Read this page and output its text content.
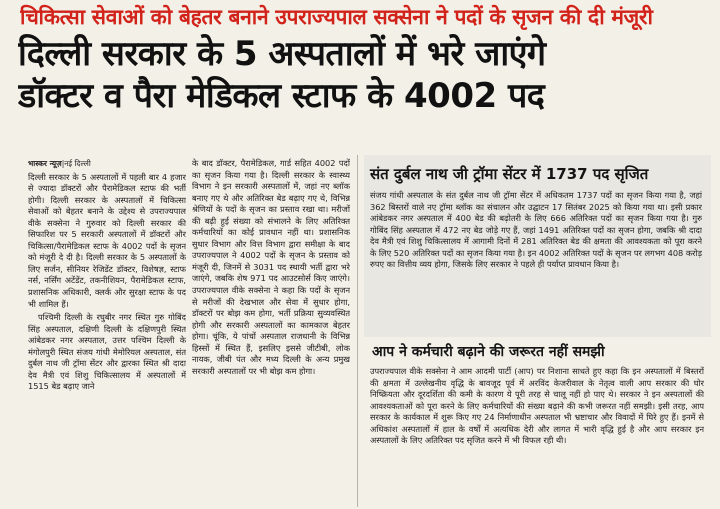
चिकित्सा सेवाओं को बेहतर बनाने उपराज्यपाल सक्सेना ने पदों के सृजन की दी मंजूरी
दिल्ली सरकार के 5 अस्पतालों में भरे जाएंगे
डॉक्टर व पैरा मेडिकल स्टाफ के 4002 पद
भास्कर न्यूज़|नई दिल्ली

दिल्ली सरकार के 5 अस्पतालों में पहली बार 4 हजार से ज्यादा डॉक्टरों और पैरामेडिकल स्टाफ की भर्ती होगी। दिल्ली सरकार के अस्पतालों में चिकित्सा सेवाओं को बेहतर बनाने के उद्देश्य से उपराज्यपाल वीके सक्सेना ने गुरुवार को दिल्ली सरकार की सिफारिश पर 5 सरकारी अस्पतालों में डॉक्टरों और चिकित्सा/पैरामेडिकल स्टाफ के 4002 पदों के सृजन को मंजूरी दे दी है। दिल्ली सरकार के 5 अस्पतालों के लिए सर्जन, सीनियर रेजिडेंट डॉक्टर, विशेषज्ञ, स्टाफ नर्स, नर्सिंग अटेंडेंट, तकनीशियन, पैरामेडिकल स्टाफ, प्रशासनिक अधिकारी, क्लर्क और सुरक्षा स्टाफ के पद भी शामिल हैं।

पश्चिमी दिल्ली के रघुबीर नगर स्थित गुरु गोबिंद सिंह अस्पताल, दक्षिणी दिल्ली के दक्षिणपुरी स्थित आंबेडकर नगर अस्पताल, उत्तर पश्चिम दिल्ली के मंगोलपुरी स्थित संजय गांधी मेमोरियल अस्पताल, संत दुर्बल नाथ जी ट्रॉमा सेंटर और द्वारका स्थित श्री दादा देव मैत्री एवं शिशु चिकित्सालय में अस्पतालों में 1515 बेड बढ़ाए जाने

के बाद डॉक्टर, पैरामेडिकल, गार्ड सहित 4002 पदों का सृजन किया गया है। दिल्ली सरकार के स्वास्थ्य विभाग ने इन सरकारी अस्पतालों में, जहां नए ब्लॉक बनाए गए थे और अतिरिक्त बेड बढ़ाए गए थे, विभिन्न श्रेणियों के पदों के सृजन का प्रस्ताव रखा था। मरीजों की बढ़ी हुई संख्या को संभालने के लिए अतिरिक्त कर्मचारियों का कोई प्रावधान नहीं था। प्रशासनिक सुधार विभाग और वित्त विभाग द्वारा समीक्षा के बाद उपराज्यपाल ने 4002 पदों के सृजन के प्रस्ताव को मंजूरी दी, जिनमें से 3031 पद स्थायी भर्ती द्वारा भरे जाएंगे, जबकि शेष 971 पद आउटसोर्स किए जाएंगे। उपराज्यपाल वीके सक्सेना ने कहा कि पदों के सृजन से मरीजों की देखभाल और सेवा में सुधार होगा, डॉक्टरों पर बोझ कम होगा, भर्ती प्रक्रिया सुव्यवस्थित होगी और सरकारी अस्पतालों का कामकाज बेहतर होगा। चूंकि, ये पांचों अस्पताल राजधानी के विभिन्न हिस्सों में स्थित हैं, इसलिए इससे जीटीबी, लोक नायक, जीबी पंत और मध्य दिल्ली के अन्य प्रमुख सरकारी अस्पतालों पर भी बोझ कम होगा।

संत दुर्बल नाथ जी ट्रॉमा सेंटर में 1737 पद सृजित
संजय गांधी अस्पताल के संत दुर्बल नाथ जी ट्रॉमा सेंटर में अधिकतम 1737 पदों का सृजन किया गया है, जहां 362 बिस्तरों वाले नए ट्रॉमा ब्लॉक का संचालन और उद्घाटन 17 सितंबर 2025 को किया गया था। इसी प्रकार आंबेडकर नगर अस्पताल में 400 बेड की बढ़ोतरी के लिए 666 अतिरिक्त पदों का सृजन किया गया है। गुरु गोबिंद सिंह अस्पताल में 472 नए बेड जोड़े गए हैं, जहां 1491 अतिरिक्त पदों का सृजन होगा, जबकि श्री दादा देव मैत्री एवं शिशु चिकित्सालय में आगामी दिनों में 281 अतिरिक्त बेड की क्षमता की आवश्यकता को पूरा करने के लिए 520 अतिरिक्त पदों का सृजन किया गया है। इन 4002 अतिरिक्त पदों के सृजन पर लगभग 408 करोड़ रुपए का वित्तीय व्यय होगा, जिसके लिए सरकार ने पहले ही पर्याप्त प्रावधान किया है।
आप ने कर्मचारी बढ़ाने की जरूरत नहीं समझी
उपराज्यपाल वीके सक्सेना ने आम आदमी पार्टी (आप) पर निशाना साधते हुए कहा कि इन अस्पतालों में बिस्तरों की क्षमता में उल्लेखनीय वृद्धि के बावजूद पूर्व में अरविंद केजरीवाल के नेतृत्व वाली आप सरकार की घोर निष्क्रियता और दूरदर्शिता की कमी के कारण ये पूरी तरह से चालू नहीं हो पाए थे। सरकार ने इन अस्पतालों की आवश्यकताओं को पूरा करने के लिए कर्मचारियों की संख्या बढ़ाने की कभी जरूरत नहीं समझी। इसी तरह, आप सरकार के कार्यकाल में शुरू किए गए 24 निर्माणाधीन अस्पताल भी भ्रष्टाचार और विवादों में घिरे हुए हैं। इनमें से अधिकांश अस्पतालों में हाल के वर्षों में अत्यधिक देरी और लागत में भारी वृद्धि हुई है और आप सरकार इन अस्पतालों के लिए अतिरिक्त पद सृजित करने में भी विफल रही थी।
